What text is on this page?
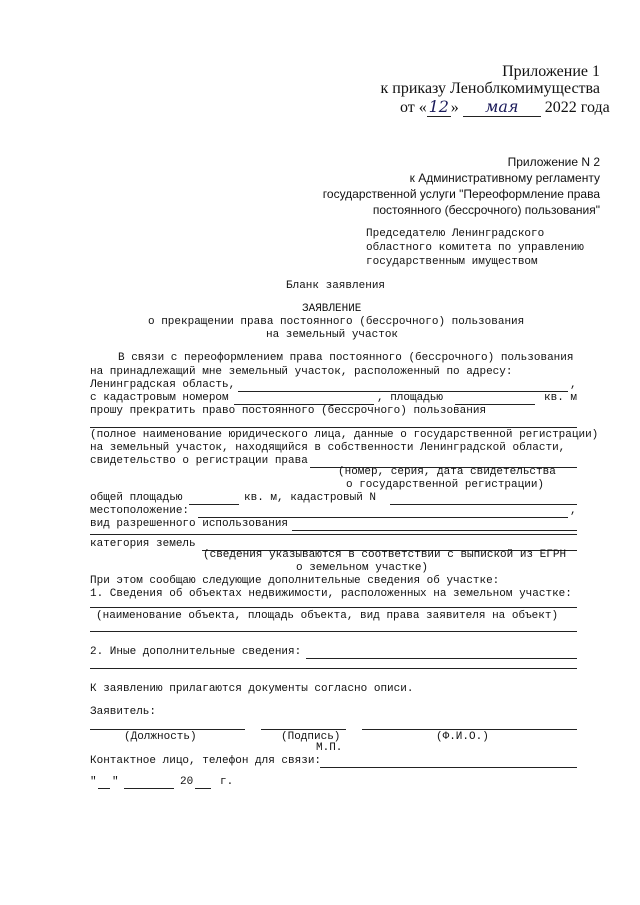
Приложение 1
к приказу Леноблкомимущества
от « 12 » мая 2022 года
Приложение N 2
к Административному регламенту
государственной услуги "Переоформление права
постоянного (бессрочного) пользования"
Председателю Ленинградского
областного комитета по управлению
государственным имуществом
Бланк заявления
ЗАЯВЛЕНИЕ
о прекращении права постоянного (бессрочного) пользования
на земельный участок
В связи с переоформлением права постоянного (бессрочного) пользования
на принадлежащий мне земельный участок, расположенный по адресу:
Ленинградская область,	,
с кадастровым номером	, площадью	кв. м
прошу прекратить право постоянного (бессрочного) пользования
(полное наименование юридического лица, данные о государственной регистрации)
на земельный участок, находящийся в собственности Ленинградской области,
свидетельство о регистрации права
(номер, серия, дата свидетельства
о государственной регистрации)
общей площадью	кв. м, кадастровый N
местоположение:	,
вид разрешенного использования
категория земель
(сведения указываются в соответствии с выпиской из ЕГРН
о земельном участке)
При этом сообщаю следующие дополнительные сведения об участке:
1. Сведения об объектах недвижимости, расположенных на земельном участке:
(наименование объекта, площадь объекта, вид права заявителя на объект)
2. Иные дополнительные сведения:
К заявлению прилагаются документы согласно описи.
Заявитель:
(Должность)	(Подпись)	(Ф.И.О.)
М.П.
Контактное лицо, телефон для связи:
" "	20 г.
